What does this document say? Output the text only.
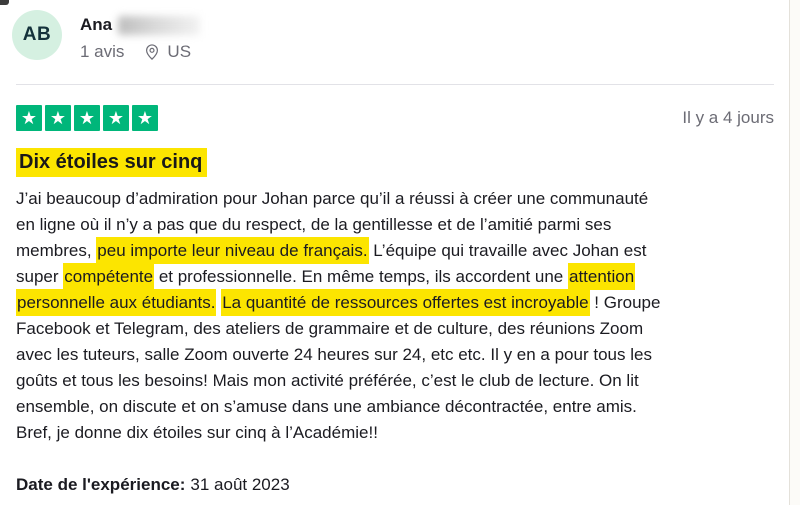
AB Ana
1 avis	US
★ ★ ★ ★ ★	Il y a 4 jours
Dix étoiles sur cinq
J’ai beaucoup d’admiration pour Johan parce qu’il a réussi à créer une communauté
en ligne où il n’y a pas que du respect, de la gentillesse et de l’amitié parmi ses
membres, peu importe leur niveau de français. L’équipe qui travaille avec Johan est
super compétente et professionnelle. En même temps, ils accordent une attention
personnelle aux étudiants. La quantité de ressources offertes est incroyable ! Groupe
Facebook et Telegram, des ateliers de grammaire et de culture, des réunions Zoom
avec les tuteurs, salle Zoom ouverte 24 heures sur 24, etc etc. Il y en a pour tous les
goûts et tous les besoins! Mais mon activité préférée, c’est le club de lecture. On lit
ensemble, on discute et on s’amuse dans une ambiance décontractée, entre amis.
Bref, je donne dix étoiles sur cinq à l’Académie!!

Date de l'expérience: 31 août 2023
